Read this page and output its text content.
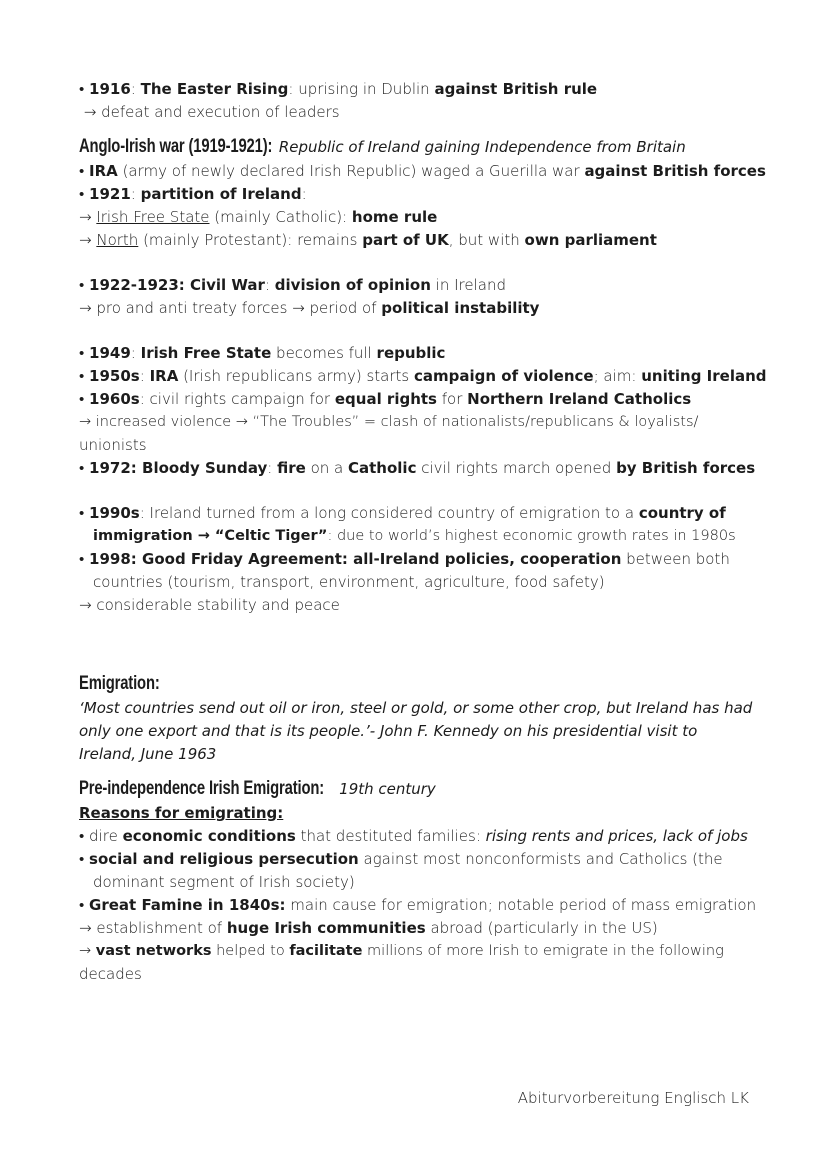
• 1916: The Easter Rising: uprising in Dublin against British rule
→ defeat and execution of leaders
Anglo-Irish war (1919-1921): Republic of Ireland gaining Independence from Britain
• IRA (army of newly declared Irish Republic) waged a Guerilla war against British forces
• 1921: partition of Ireland:
→ Irish Free State (mainly Catholic): home rule
→ North (mainly Protestant): remains part of UK, but with own parliament
• 1922-1923: Civil War: division of opinion in Ireland
→ pro and anti treaty forces → period of political instability
• 1949: Irish Free State becomes full republic
• 1950s: IRA (Irish republicans army) starts campaign of violence; aim: uniting Ireland
• 1960s: civil rights campaign for equal rights for Northern Ireland Catholics
→ increased violence → “The Troubles” = clash of nationalists/republicans & loyalists/
unionists
• 1972: Bloody Sunday: fire on a Catholic civil rights march opened by British forces
• 1990s: Ireland turned from a long considered country of emigration to a country of
immigration → “Celtic Tiger”: due to world’s highest economic growth rates in 1980s
• 1998: Good Friday Agreement: all-Ireland policies, cooperation between both
countries (tourism, transport, environment, agriculture, food safety)
→ considerable stability and peace
Emigration:
‘Most countries send out oil or iron, steel or gold, or some other crop, but Ireland has had
only one export and that is its people.’- John F. Kennedy on his presidential visit to
Ireland, June 1963
Pre-independence Irish Emigration: 19th century
Reasons for emigrating:
• dire economic conditions that destituted families: rising rents and prices, lack of jobs
• social and religious persecution against most nonconformists and Catholics (the
dominant segment of Irish society)
• Great Famine in 1840s: main cause for emigration; notable period of mass emigration
→ establishment of huge Irish communities abroad (particularly in the US)
→ vast networks helped to facilitate millions of more Irish to emigrate in the following
decades
Abiturvorbereitung Englisch LK
